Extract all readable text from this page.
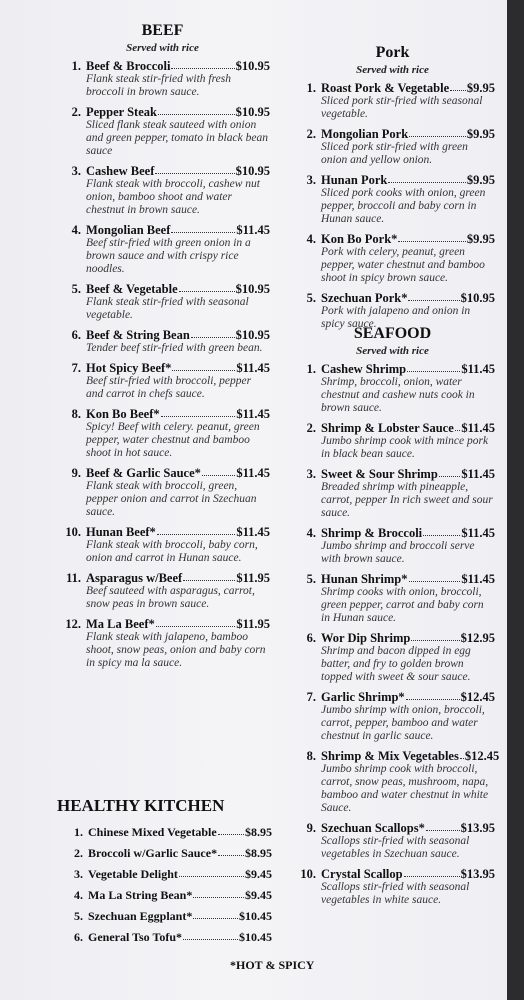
BEEF
Served with rice
1. Beef & Broccoli	$10.95
Flank steak stir-fried with fresh broccoli in brown sauce.
2. Pepper Steak	$10.95
Sliced flank steak sauteed with onion and green pepper, tomato in black bean sauce
3. Cashew Beef	$10.95
Flank steak with broccoli, cashew nut onion, bamboo shoot and water chestnut in brown sauce.
4. Mongolian Beef	$11.45
Beef stir-fried with green onion in a brown sauce and with crispy rice noodles.
5. Beef & Vegetable	$10.95
Flank steak stir-fried with seasonal vegetable.
6. Beef & String Bean	$10.95
Tender beef stir-fried with green bean.
7. Hot Spicy Beef*	$11.45
Beef stir-fried with broccoli, pepper and carrot in chefs sauce.
8. Kon Bo Beef*	$11.45
Spicy! Beef with celery. peanut, green pepper, water chestnut and bamboo shoot in hot sauce.
9. Beef & Garlic Sauce*	$11.45
Flank steak with broccoli, green, pepper onion and carrot in Szechuan sauce.
10. Hunan Beef*	$11.45
Flank steak with broccoli, baby corn, onion and carrot in Hunan sauce.
11. Asparagus w/Beef	$11.95
Beef sauteed with asparagus, carrot, snow peas in brown sauce.
12. Ma La Beef*	$11.95
Flank steak with jalapeno, bamboo shoot, snow peas, onion and baby corn in spicy ma la sauce.
HEALTHY KITCHEN
1. Chinese Mixed Vegetable $8.95
2. Broccoli w/Garlic Sauce* $8.95
3. Vegetable Delight	$9.45
4. Ma La String Bean*	$9.45
5. Szechuan Eggplant*	$10.45
6. General Tso Tofu*	$10.45
Pork
Served with rice
1. Roast Pork & Vegetable $9.95
Sliced pork stir-fried with seasonal vegetable.
2. Mongolian Pork	$9.95
Sliced pork stir-fried with green onion and yellow onion.
3. Hunan Pork	$9.95
Sliced pork cooks with onion, green pepper, broccoli and baby corn in Hunan sauce.
4. Kon Bo Pork*	$9.95
Pork with celery, peanut, green pepper, water chestnut and bamboo shoot in spicy brown sauce.
5. Szechuan Pork*	$10.95
Pork with jalapeno and onion in spicy sauce.
SEAFOOD
Served with rice
1. Cashew Shrimp	$11.45
Shrimp, broccoli, onion, water chestnut and cashew nuts cook in brown sauce.
2. Shrimp & Lobster Sauce $11.45
Jumbo shrimp cook with mince pork in black bean sauce.
3. Sweet & Sour Shrimp $11.45
Breaded shrimp with pineapple, carrot, pepper In rich sweet and sour sauce.
4. Shrimp & Broccoli	$11.45
Jumbo shrimp and broccoli serve with brown sauce.
5. Hunan Shrimp*	$11.45
Shrimp cooks with onion, broccoli, green pepper, carrot and baby corn in Hunan sauce.
6. Wor Dip Shrimp	$12.95
Shrimp and bacon dipped in egg batter, and fry to golden brown topped with sweet & sour sauce.
7. Garlic Shrimp*	$12.45
Jumbo shrimp with onion, broccoli, carrot, pepper, bamboo and water chestnut in garlic sauce.
8. Shrimp & Mix Vegetables $12.45
Jumbo shrimp cook with broccoli, carrot, snow peas, mushroom, napa, bamboo and water chestnut in white Sauce.
9. Szechuan Scallops*	$13.95
Scallops stir-fried with seasonal vegetables in Szechuan sauce.
10. Crystal Scallop	$13.95
Scallops stir-fried with seasonal vegetables in white sauce.
*HOT & SPICY
